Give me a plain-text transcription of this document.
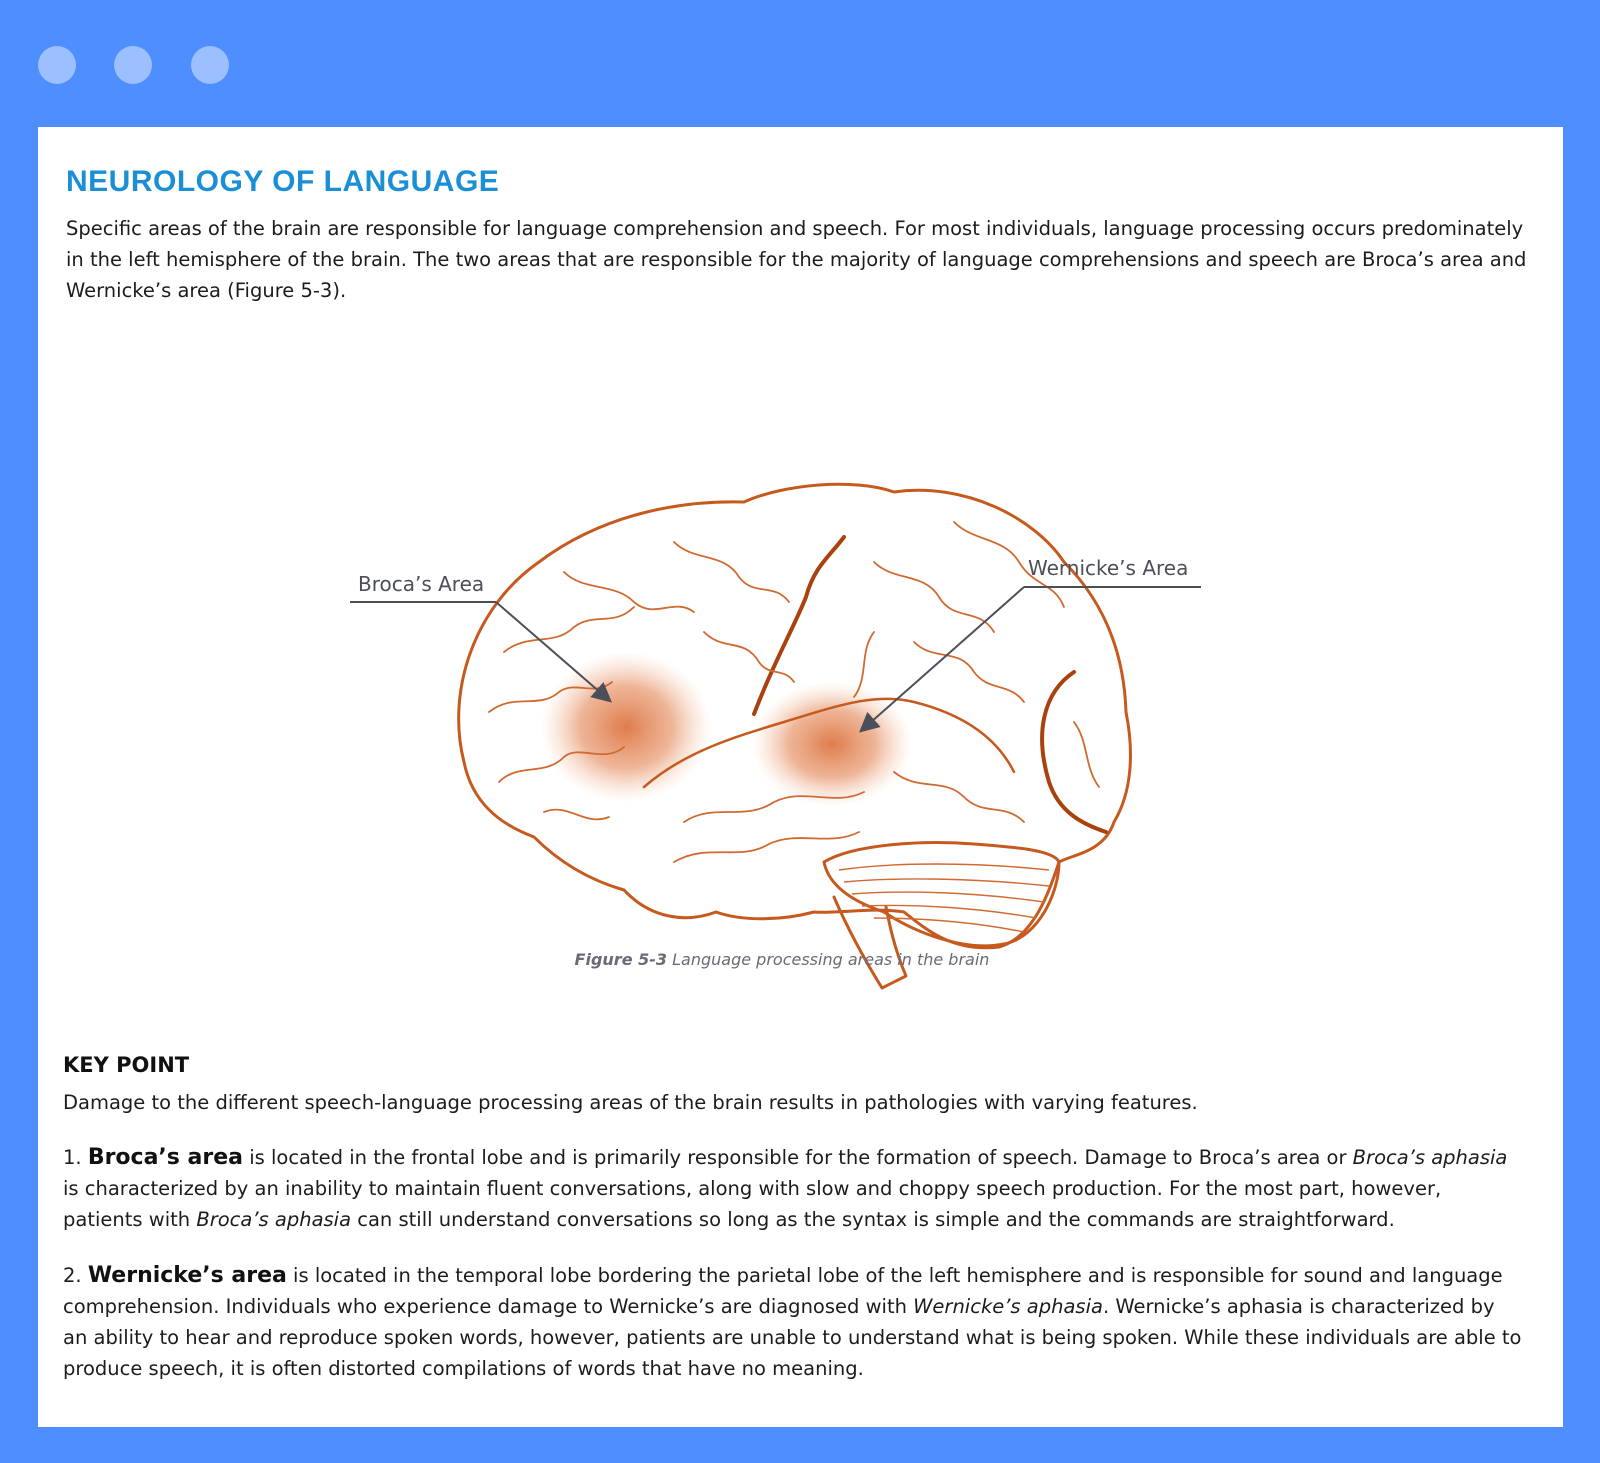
NEUROLOGY OF LANGUAGE

Specific areas of the brain are responsible for language comprehension and speech. For most individuals, language processing occurs predominately in the left hemisphere of the brain. The two areas that are responsible for the majority of language comprehensions and speech are Broca’s area and Wernicke’s area (Figure 5-3).

Broca’s Area
Wernicke’s Area

Figure 5-3 Language processing areas in the brain

KEY POINT

Damage to the different speech-language processing areas of the brain results in pathologies with varying features.

1. Broca’s area is located in the frontal lobe and is primarily responsible for the formation of speech. Damage to Broca’s area or Broca’s aphasia is characterized by an inability to maintain fluent conversations, along with slow and choppy speech production. For the most part, however, patients with Broca’s aphasia can still understand conversations so long as the syntax is simple and the commands are straightforward.

2. Wernicke’s area is located in the temporal lobe bordering the parietal lobe of the left hemisphere and is responsible for sound and language comprehension. Individuals who experience damage to Wernicke’s are diagnosed with Wernicke’s aphasia. Wernicke’s aphasia is characterized by an ability to hear and reproduce spoken words, however, patients are unable to understand what is being spoken. While these individuals are able to produce speech, it is often distorted compilations of words that have no meaning.
